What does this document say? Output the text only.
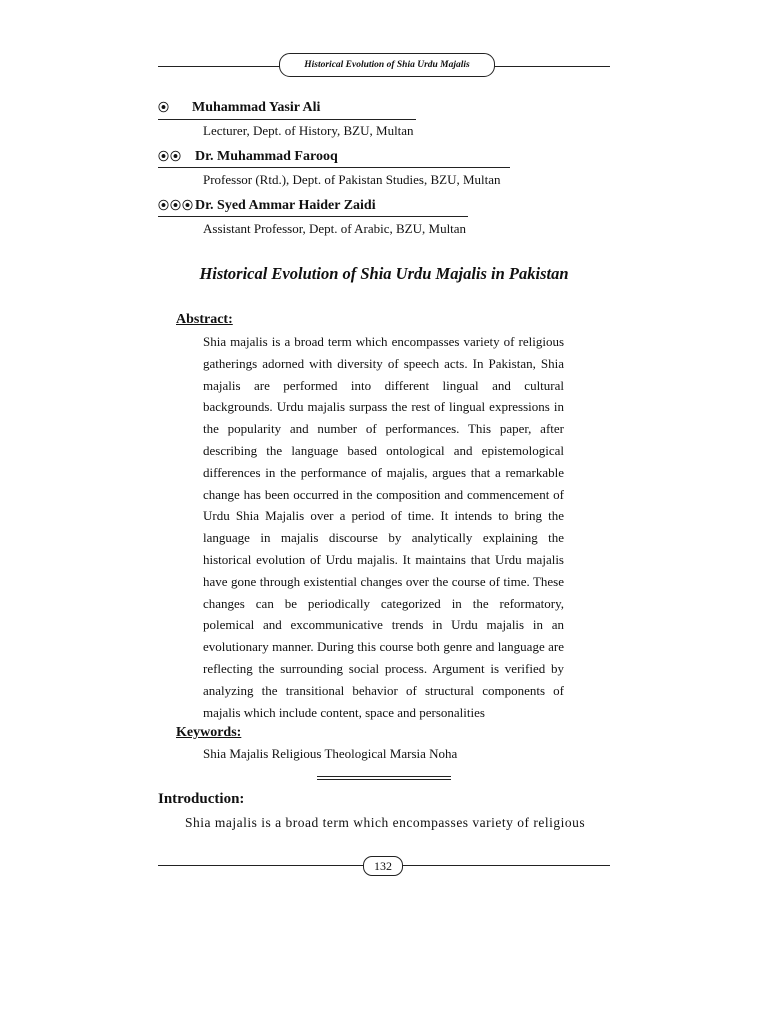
Historical Evolution of Shia Urdu Majalis
⦿ Muhammad Yasir Ali
Lecturer, Dept. of History, BZU, Multan
⦿⦿ Dr. Muhammad Farooq
Professor (Rtd.), Dept. of Pakistan Studies, BZU, Multan
⦿⦿⦿Dr. Syed Ammar Haider Zaidi
Assistant Professor, Dept. of Arabic, BZU, Multan
Historical Evolution of Shia Urdu Majalis in Pakistan
Abstract:

Shia majalis is a broad term which encompasses variety of religious gatherings adorned with diversity of speech acts. In Pakistan, Shia majalis are performed into different lingual and cultural backgrounds. Urdu majalis surpass the rest of lingual expressions in the popularity and number of performances. This paper, after describing the language based ontological and epistemological differences in the performance of majalis, argues that a remarkable change has been occurred in the composition and commencement of Urdu Shia Majalis over a period of time. It intends to bring the language in majalis discourse by analytically explaining the historical evolution of Urdu majalis. It maintains that Urdu majalis have gone through existential changes over the course of time. These changes can be periodically categorized in the reformatory, polemical and excommunicative trends in Urdu majalis in an evolutionary manner. During this course both genre and language are reflecting the surrounding social process. Argument is verified by analyzing the transitional behavior of structural components of majalis which include content, space and personalities

Keywords:
Shia Majalis Religious Theological Marsia Noha
Introduction:
Shia majalis is a broad term which encompasses variety of religious
132
